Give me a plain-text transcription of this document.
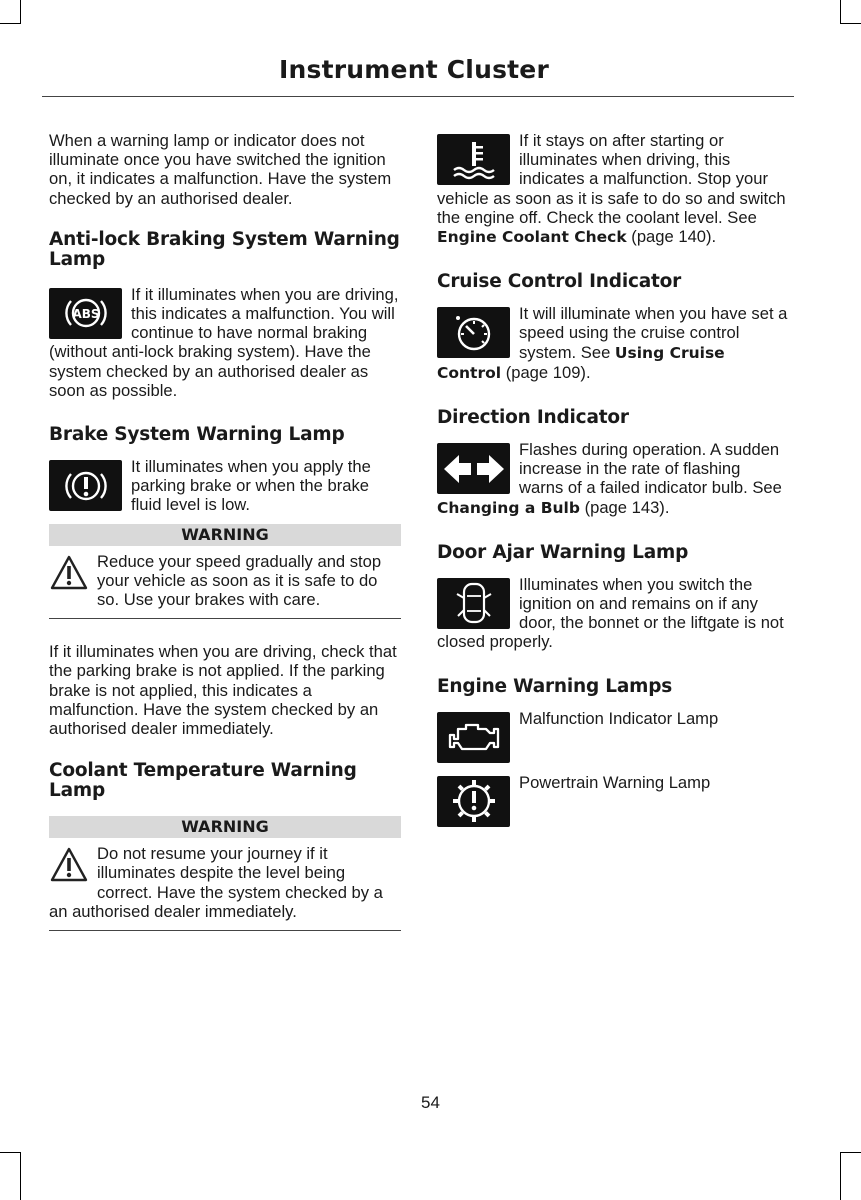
Instrument Cluster

When a warning lamp or indicator does not illuminate once you have switched the ignition on, it indicates a malfunction. Have the system checked by an authorised dealer.

Anti-lock Braking System Warning Lamp
ABS

If it illuminates when you are driving, this indicates a malfunction. You will continue to have normal braking (without anti-lock braking system). Have the system checked by an authorised dealer as soon as possible.

Brake System Warning Lamp

It illuminates when you apply the parking brake or when the brake fluid level is low.

WARNING

Reduce your speed gradually and stop your vehicle as soon as it is safe to do so. Use your brakes with care.

If it illuminates when you are driving, check that the parking brake is not applied. If the parking brake is not applied, this indicates a malfunction. Have the system checked by an authorised dealer immediately.

Coolant Temperature Warning Lamp
WARNING

Do not resume your journey if it illuminates despite the level being correct. Have the system checked by a an authorised dealer immediately.

If it stays on after starting or illuminates when driving, this indicates a malfunction. Stop your vehicle as soon as it is safe to do so and switch the engine off. Check the coolant level. See Engine Coolant Check (page 140).

Cruise Control Indicator

It will illuminate when you have set a speed using the cruise control system. See Using Cruise Control (page 109).

Direction Indicator

Flashes during operation. A sudden increase in the rate of flashing warns of a failed indicator bulb. See Changing a Bulb (page 143).

Door Ajar Warning Lamp

Illuminates when you switch the ignition on and remains on if any door, the bonnet or the liftgate is not closed properly.

Engine Warning Lamps

Malfunction Indicator Lamp

Powertrain Warning Lamp

54
